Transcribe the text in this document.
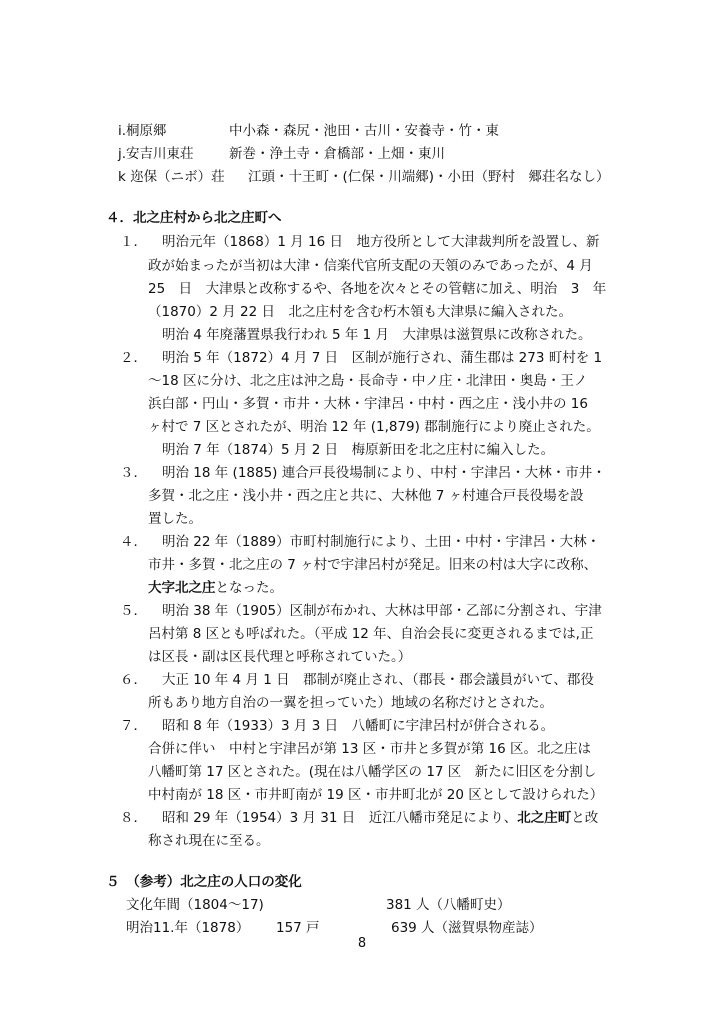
i.桐原郷	中小森・森尻・池田・古川・安養寺・竹・東
j.安吉川東荘	新巻・浄土寺・倉橋部・上畑・東川
k 迩保（ニボ）荘 江頭・十王町・(仁保・川端郷)・小田（野村　郷荘名なし）
４．北之庄村から北之庄町へ
１． 明治元年（1868）1 月 16 日　地方役所として大津裁判所を設置し、新
政が始まったが当初は大津・信楽代官所支配の天領のみであったが、4 月
25　日　大津県と改称するや、各地を次々とその管轄に加え、明治　3　年
（1870）2 月 22 日　北之庄村を含む朽木領も大津県に編入された。
明治 4 年廃藩置県我行われ 5 年 1 月　大津県は滋賀県に改称された。
２． 明治 5 年（1872）4 月 7 日　区制が施行され、蒲生郡は 273 町村を 1
〜18 区に分け、北之庄は沖之島・長命寺・中ノ庄・北津田・奥島・王ノ
浜白部・円山・多賀・市井・大林・宇津呂・中村・西之庄・浅小井の 16
ヶ村で 7 区とされたが、明治 12 年 (1,879) 郡制施行により廃止された。
明治 7 年（1874）5 月 2 日　梅原新田を北之庄村に編入した。
３． 明治 18 年 (1885) 連合戸長役場制により、中村・宇津呂・大林・市井・
多賀・北之庄・浅小井・西之庄と共に、大林他 7 ヶ村連合戸長役場を設
置した。
４． 明治 22 年（1889）市町村制施行により、土田・中村・宇津呂・大林・
市井・多賀・北之庄の 7 ヶ村で宇津呂村が発足。旧来の村は大字に改称、
大字北之庄となった。
５． 明治 38 年（1905）区制が布かれ、大林は甲部・乙部に分割され、宇津
呂村第 8 区とも呼ばれた。（平成 12 年、自治会長に変更されるまでは,正
は区長・副は区長代理と呼称されていた。）
６． 大正 10 年 4 月 1 日　郡制が廃止され、（郡長・郡会議員がいて、郡役
所もあり地方自治の一翼を担っていた）地域の名称だけとされた。
７． 昭和 8 年（1933）3 月 3 日　八幡町に宇津呂村が併合される。
合併に伴い　中村と宇津呂が第 13 区・市井と多賀が第 16 区。北之庄は
八幡町第 17 区とされた。(現在は八幡学区の 17 区　新たに旧区を分割し
中村南が 18 区・市井町南が 19 区・市井町北が 20 区として設けられた）
８． 昭和 29 年（1954）3 月 31 日　近江八幡市発足により、北之庄町と改
称され現在に至る。
５　（参考）北之庄の人口の変化
文化年間（1804〜17)	381 人（八幡町史）
明治11.年（1878） 157 戸	639 人（滋賀県物産誌）
8
